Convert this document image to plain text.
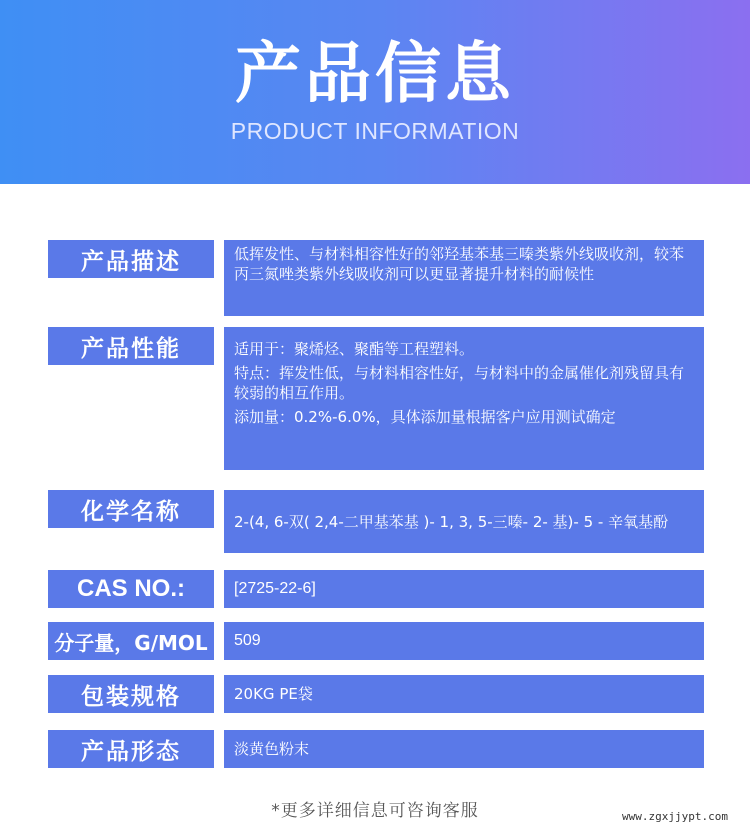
产品信息
PRODUCT INFORMATION
产品描述	低挥发性、与材料相容性好的邻羟基苯基三嗪类紫外线吸收剂，较苯丙三氮唑类紫外线吸收剂可以更显著提升材料的耐候性

产品性能	适用于：聚烯烃、聚酯等工程塑料。
特点：挥发性低，与材料相容性好，与材料中的金属催化剂残留具有较弱的相互作用。
添加量：0.2%-6.0%，具体添加量根据客户应用测试确定
化学名称	2-(4, 6-双( 2,4-二甲基苯基 )- 1, 3, 5-三嗪- 2- 基)- 5 - 辛氧基酚

CAS NO.:	[2725-22-6]

分子量，G/MOL	509

包装规格	20KG PE袋

产品形态	淡黄色粉末

*更多详细信息可咨询客服	www.zgxjjypt.com
